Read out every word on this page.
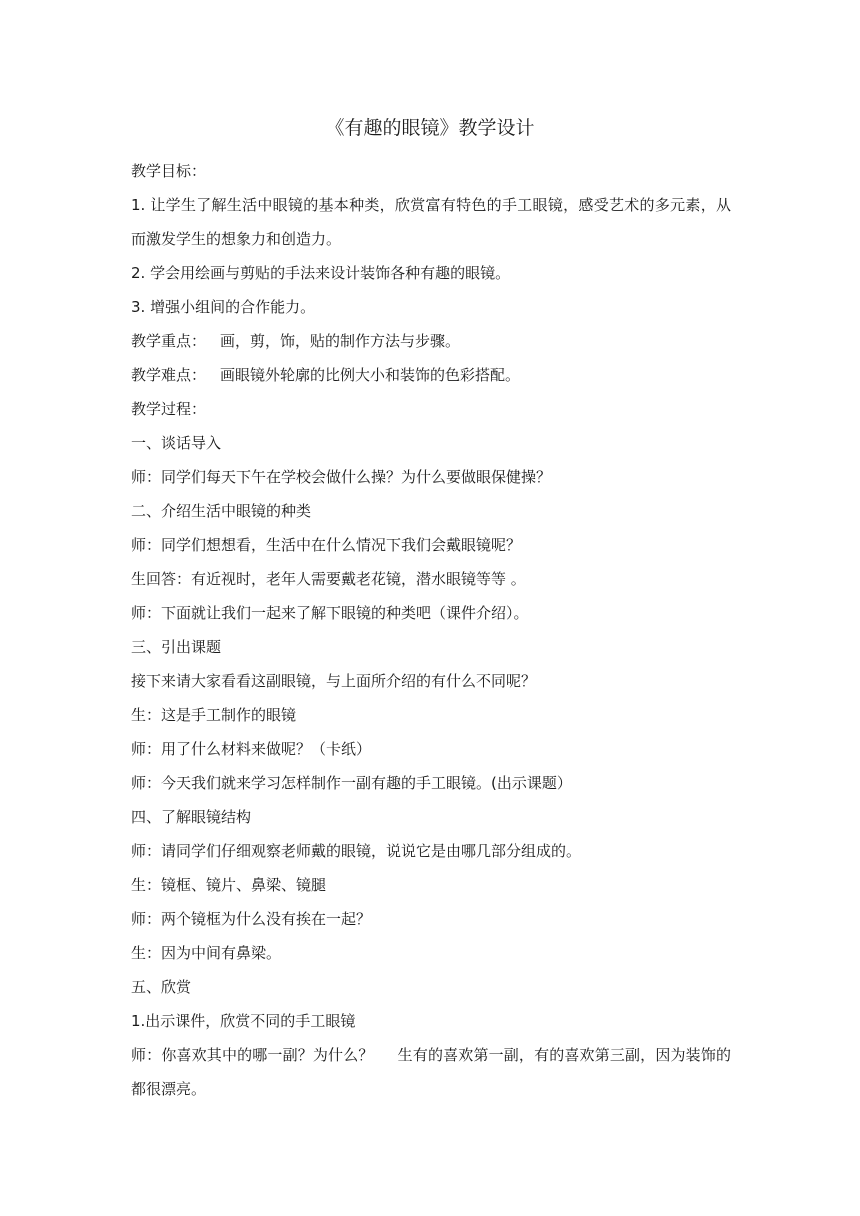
《有趣的眼镜》教学设计
教学目标：
1. 让学生了解生活中眼镜的基本种类，欣赏富有特色的手工眼镜，感受艺术的多元素，从而激发学生的想象力和创造力。
2. 学会用绘画与剪贴的手法来设计装饰各种有趣的眼镜。
3. 增强小组间的合作能力。
教学重点： 画，剪，饰，贴的制作方法与步骤。
教学难点： 画眼镜外轮廓的比例大小和装饰的色彩搭配。
教学过程：
一、谈话导入
师：同学们每天下午在学校会做什么操？为什么要做眼保健操？
二、介绍生活中眼镜的种类
师：同学们想想看，生活中在什么情况下我们会戴眼镜呢？
生回答：有近视时，老年人需要戴老花镜，潜水眼镜等等 。
师：下面就让我们一起来了解下眼镜的种类吧（课件介绍）。
三、引出课题
接下来请大家看看这副眼镜，与上面所介绍的有什么不同呢？
生：这是手工制作的眼镜
师：用了什么材料来做呢？（卡纸）
师：今天我们就来学习怎样制作一副有趣的手工眼镜。(出示课题）
四、了解眼镜结构
师：请同学们仔细观察老师戴的眼镜，说说它是由哪几部分组成的。
生：镜框、镜片、鼻梁、镜腿
师：两个镜框为什么没有挨在一起？
生：因为中间有鼻梁。
五、欣赏
1.出示课件，欣赏不同的手工眼镜
师：你喜欢其中的哪一副？为什么？ 生有的喜欢第一副，有的喜欢第三副，因为装饰的都很漂亮。
